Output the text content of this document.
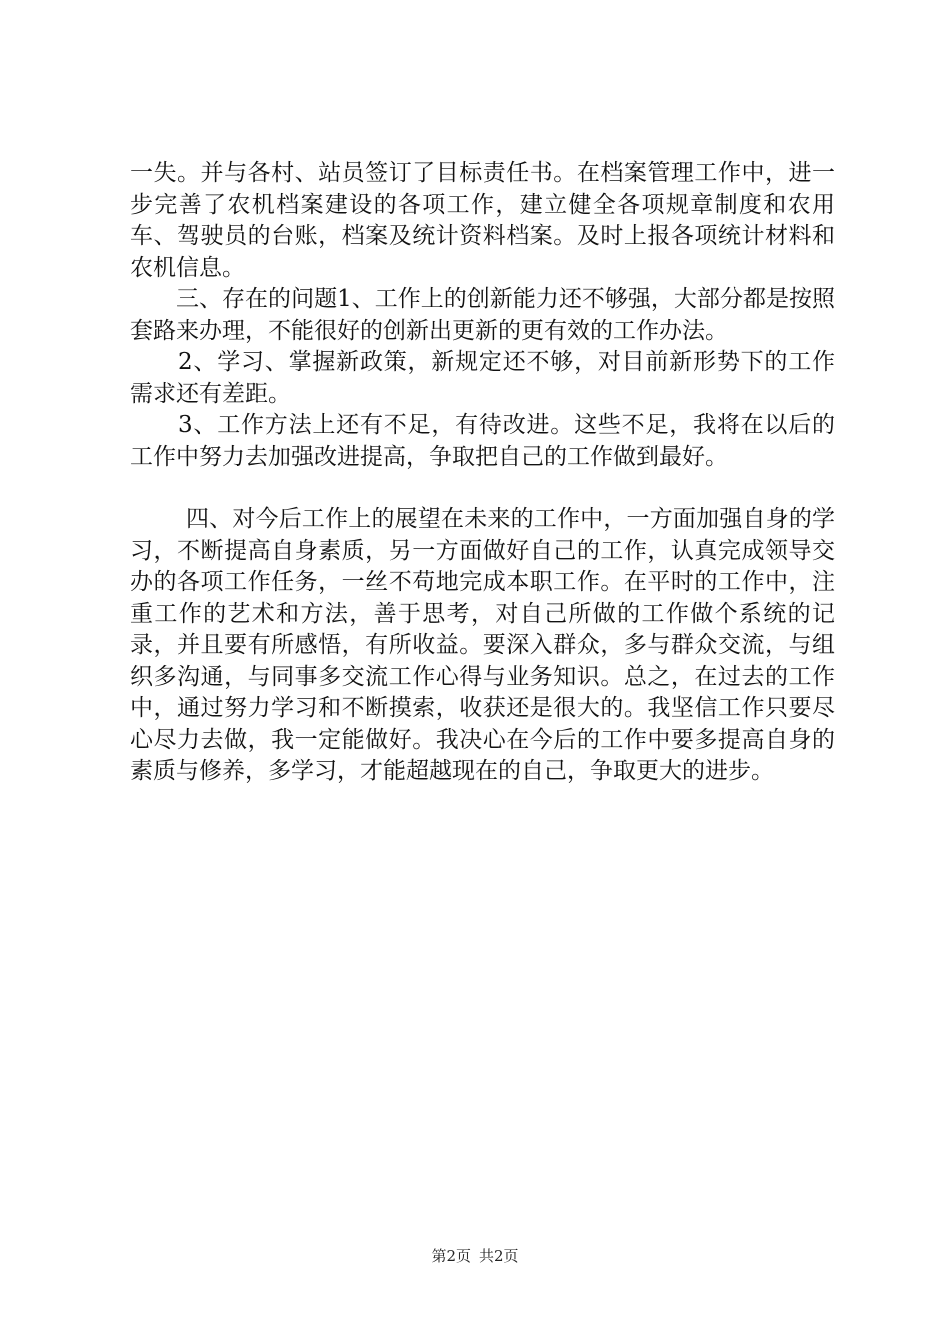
一失。并与各村、站员签订了目标责任书。在档案管理工作中，进一步完善了农机档案建设的各项工作，建立健全各项规章制度和农用车、驾驶员的台账，档案及统计资料档案。及时上报各项统计材料和农机信息。

三、存在的问题1、工作上的创新能力还不够强，大部分都是按照套路来办理，不能很好的创新出更新的更有效的工作办法。

2、学习、掌握新政策，新规定还不够，对目前新形势下的工作需求还有差距。

3、工作方法上还有不足，有待改进。这些不足，我将在以后的工作中努力去加强改进提高，争取把自己的工作做到最好。

四、对今后工作上的展望在未来的工作中，一方面加强自身的学习，不断提高自身素质，另一方面做好自己的工作，认真完成领导交办的各项工作任务，一丝不苟地完成本职工作。在平时的工作中，注重工作的艺术和方法，善于思考，对自己所做的工作做个系统的记录，并且要有所感悟，有所收益。要深入群众，多与群众交流，与组织多沟通，与同事多交流工作心得与业务知识。总之，在过去的工作中，通过努力学习和不断摸索，收获还是很大的。我坚信工作只要尽心尽力去做，我一定能做好。我决心在今后的工作中要多提高自身的素质与修养，多学习，才能超越现在的自己，争取更大的进步。

第2页 共2页
